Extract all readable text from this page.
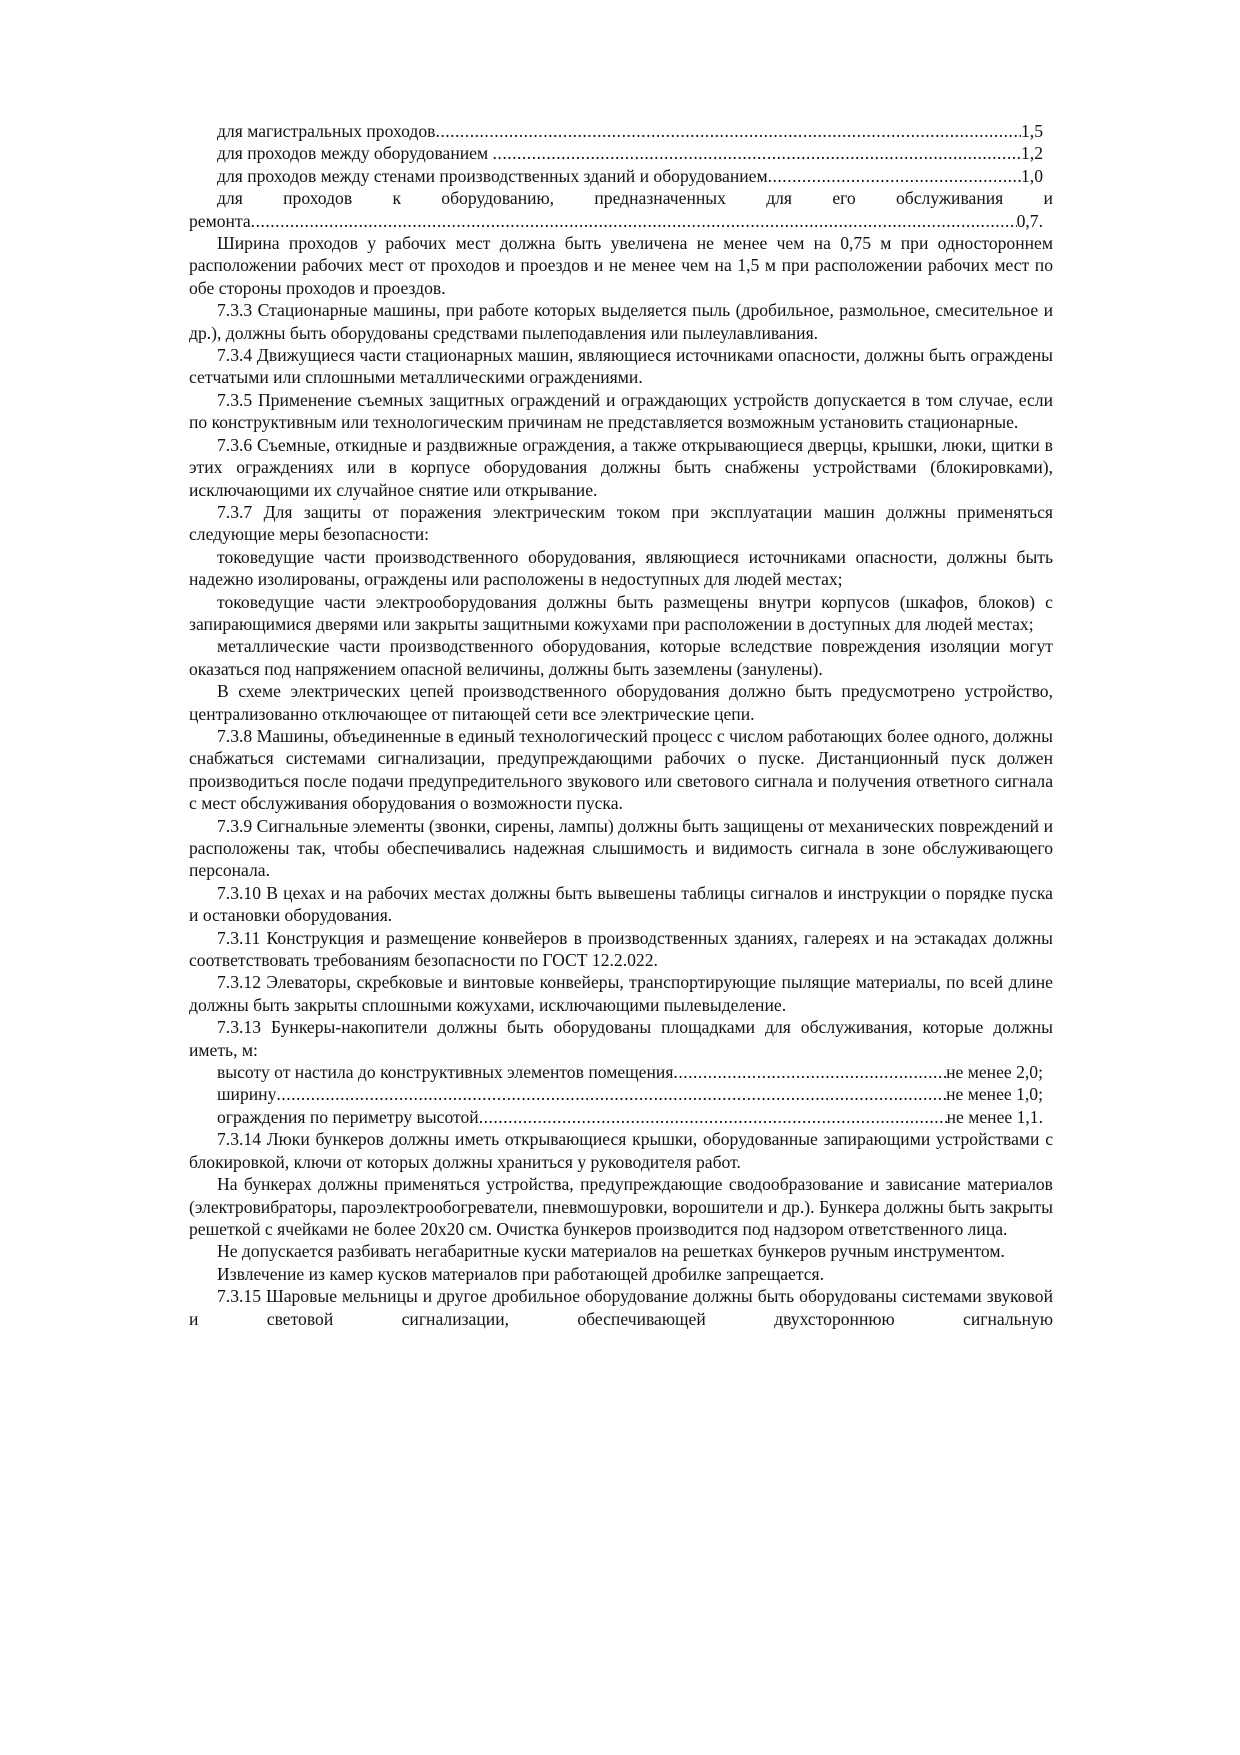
для магистральных проходов .....	1,5
для проходов между оборудованием .....	1,2
для проходов между стенами производственных зданий и оборудованием .....	1,0
для проходов к оборудованию, предназначенных для его обслуживания и
ремонта .....	0,7.

Ширина проходов у рабочих мест должна быть увеличена не менее чем на 0,75 м при одностороннем расположении рабочих мест от проходов и проездов и не менее чем на 1,5 м при расположении рабочих мест по обе стороны проходов и проездов.

7.3.3 Стационарные машины, при работе которых выделяется пыль (дробильное, размольное, смесительное и др.), должны быть оборудованы средствами пылеподавления или пылеулавливания.

7.3.4 Движущиеся части стационарных машин, являющиеся источниками опасности, должны быть ограждены сетчатыми или сплошными металлическими ограждениями.

7.3.5 Применение съемных защитных ограждений и ограждающих устройств допускается в том случае, если по конструктивным или технологическим причинам не представляется возможным установить стационарные.

7.3.6 Съемные, откидные и раздвижные ограждения, а также открывающиеся дверцы, крышки, люки, щитки в этих ограждениях или в корпусе оборудования должны быть снабжены устройствами (блокировками), исключающими их случайное снятие или открывание.

7.3.7 Для защиты от поражения электрическим током при эксплуатации машин должны применяться следующие меры безопасности:

токоведущие части производственного оборудования, являющиеся источниками опасности, должны быть надежно изолированы, ограждены или расположены в недоступных для людей местах;

токоведущие части электрооборудования должны быть размещены внутри корпусов (шкафов, блоков) с запирающимися дверями или закрыты защитными кожухами при расположении в доступных для людей местах;

металлические части производственного оборудования, которые вследствие повреждения изоляции могут оказаться под напряжением опасной величины, должны быть заземлены (занулены).

В схеме электрических цепей производственного оборудования должно быть предусмотрено устройство, централизованно отключающее от питающей сети все электрические цепи.

7.3.8 Машины, объединенные в единый технологический процесс с числом работающих более одного, должны снабжаться системами сигнализации, предупреждающими рабочих о пуске. Дистанционный пуск должен производиться после подачи предупредительного звукового или светового сигнала и получения ответного сигнала с мест обслуживания оборудования о возможности пуска.

7.3.9 Сигнальные элементы (звонки, сирены, лампы) должны быть защищены от механических повреждений и расположены так, чтобы обеспечивались надежная слышимость и видимость сигнала в зоне обслуживающего персонала.

7.3.10 В цехах и на рабочих местах должны быть вывешены таблицы сигналов и инструкции о порядке пуска и остановки оборудования.

7.3.11 Конструкция и размещение конвейеров в производственных зданиях, галереях и на эстакадах должны соответствовать требованиям безопасности по ГОСТ 12.2.022.

7.3.12 Элеваторы, скребковые и винтовые конвейеры, транспортирующие пылящие материалы, по всей длине должны быть закрыты сплошными кожухами, исключающими пылевыделение.

7.3.13 Бункеры-накопители должны быть оборудованы площадками для обслуживания, которые должны иметь, м:

высоту от настила до конструктивных элементов помещения .....	не менее 2,0;
ширину .....	не менее 1,0;
ограждения по периметру высотой .....	не менее 1,1.

7.3.14 Люки бункеров должны иметь открывающиеся крышки, оборудованные запирающими устройствами с блокировкой, ключи от которых должны храниться у руководителя работ.

На бункерах должны применяться устройства, предупреждающие сводообразование и зависание материалов (электровибраторы, пароэлектрообогреватели, пневмошуровки, ворошители и др.). Бункера должны быть закрыты решеткой с ячейками не более 20х20 см. Очистка бункеров производится под надзором ответственного лица.

Не допускается разбивать негабаритные куски материалов на решетках бункеров ручным инструментом.

Извлечение из камер кусков материалов при работающей дробилке запрещается.

7.3.15 Шаровые мельницы и другое дробильное оборудование должны быть оборудованы системами звуковой и световой сигнализации, обеспечивающей двухстороннюю сигнальную
